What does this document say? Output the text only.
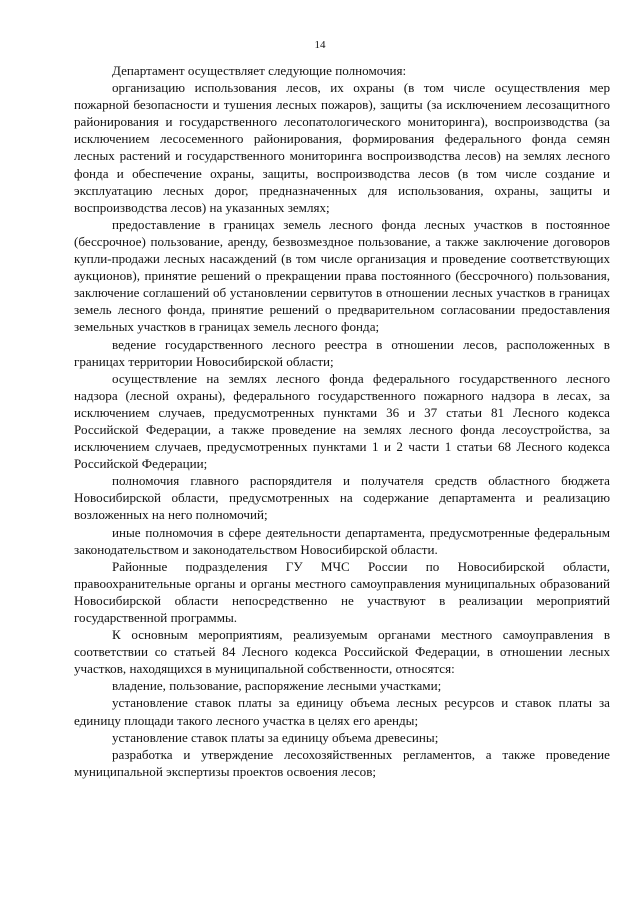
14

Департамент осуществляет следующие полномочия:

организацию использования лесов, их охраны (в том числе осуществления мер пожарной безопасности и тушения лесных пожаров), защиты (за исключением лесозащитного районирования и государственного лесопатологического мониторинга), воспроизводства (за исключением лесосеменного районирования, формирования федерального фонда семян лесных растений и государственного мониторинга воспроизводства лесов) на землях лесного фонда и обеспечение охраны, защиты, воспроизводства лесов (в том числе создание и эксплуатацию лесных дорог, предназначенных для использования, охраны, защиты и воспроизводства лесов) на указанных землях;

предоставление в границах земель лесного фонда лесных участков в постоянное (бессрочное) пользование, аренду, безвозмездное пользование, а также заключение договоров купли-продажи лесных насаждений (в том числе организация и проведение соответствующих аукционов), принятие решений о прекращении права постоянного (бессрочного) пользования, заключение соглашений об установлении сервитутов в отношении лесных участков в границах земель лесного фонда, принятие решений о предварительном согласовании предоставления земельных участков в границах земель лесного фонда;

ведение государственного лесного реестра в отношении лесов, расположенных в границах территории Новосибирской области;

осуществление на землях лесного фонда федерального государственного лесного надзора (лесной охраны), федерального государственного пожарного надзора в лесах, за исключением случаев, предусмотренных пунктами 36 и 37 статьи 81 Лесного кодекса Российской Федерации, а также проведение на землях лесного фонда лесоустройства, за исключением случаев, предусмотренных пунктами 1 и 2 части 1 статьи 68 Лесного кодекса Российской Федерации;

полномочия главного распорядителя и получателя средств областного бюджета Новосибирской области, предусмотренных на содержание департамента и реализацию возложенных на него полномочий;

иные полномочия в сфере деятельности департамента, предусмотренные федеральным законодательством и законодательством Новосибирской области.

Районные подразделения ГУ МЧС России по Новосибирской области, правоохранительные органы и органы местного самоуправления муниципальных образований Новосибирской области непосредственно не участвуют в реализации мероприятий государственной программы.

К основным мероприятиям, реализуемым органами местного самоуправления в соответствии со статьей 84 Лесного кодекса Российской Федерации, в отношении лесных участков, находящихся в муниципальной собственности, относятся:

владение, пользование, распоряжение лесными участками;

установление ставок платы за единицу объема лесных ресурсов и ставок платы за единицу площади такого лесного участка в целях его аренды;

установление ставок платы за единицу объема древесины;

разработка и утверждение лесохозяйственных регламентов, а также проведение муниципальной экспертизы проектов освоения лесов;
